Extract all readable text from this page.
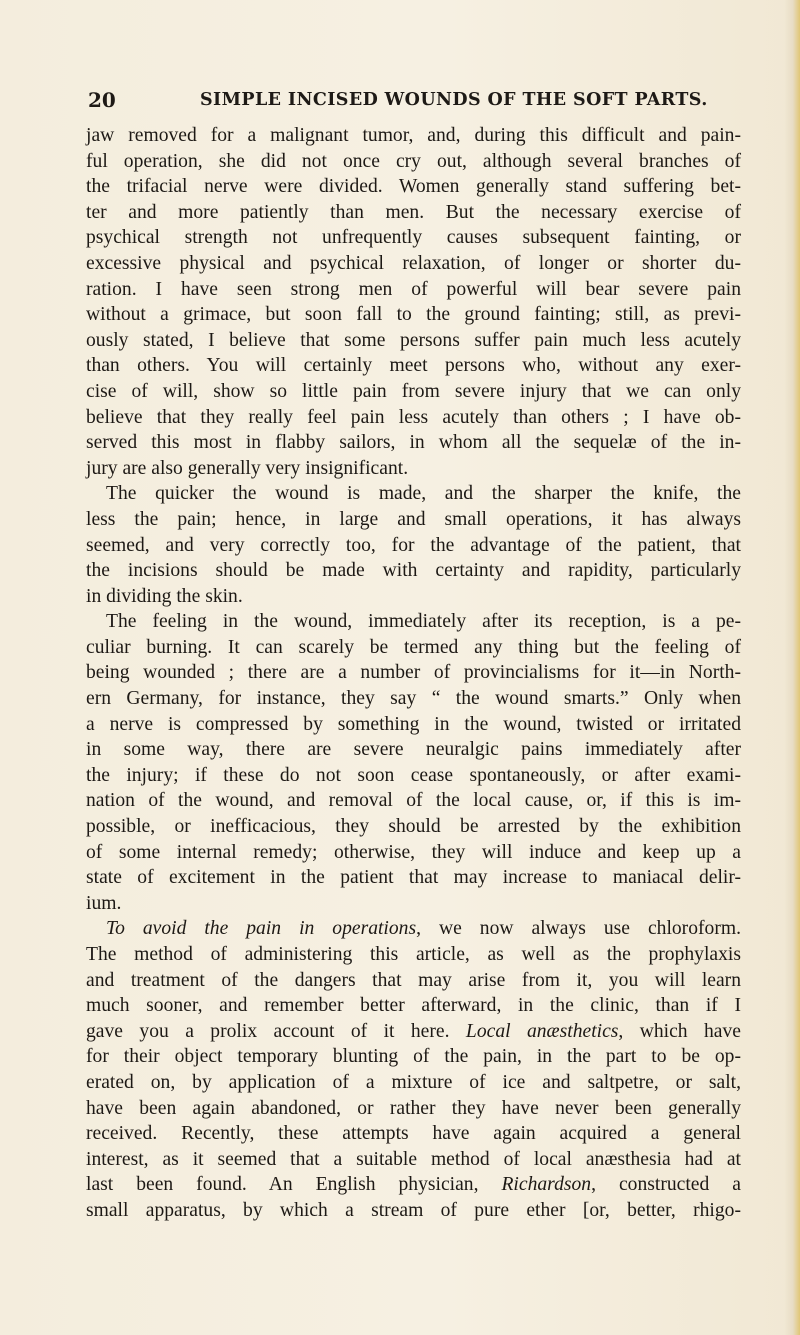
20	SIMPLE INCISED WOUNDS OF THE SOFT PARTS.
jaw removed for a malignant tumor, and, during this difficult and pain-
ful operation, she did not once cry out, although several branches of
the trifacial nerve were divided. Women generally stand suffering bet-
ter and more patiently than men. But the necessary exercise of
psychical strength not unfrequently causes subsequent fainting, or
excessive physical and psychical relaxation, of longer or shorter du-
ration. I have seen strong men of powerful will bear severe pain
without a grimace, but soon fall to the ground fainting; still, as previ-
ously stated, I believe that some persons suffer pain much less acutely
than others. You will certainly meet persons who, without any exer-
cise of will, show so little pain from severe injury that we can only
believe that they really feel pain less acutely than others ; I have ob-
served this most in flabby sailors, in whom all the sequelæ of the in-
jury are also generally very insignificant.
The quicker the wound is made, and the sharper the knife, the
less the pain; hence, in large and small operations, it has always
seemed, and very correctly too, for the advantage of the patient, that
the incisions should be made with certainty and rapidity, particularly
in dividing the skin.
The feeling in the wound, immediately after its reception, is a pe-
culiar burning. It can scarely be termed any thing but the feeling of
being wounded ; there are a number of provincialisms for it—in North-
ern Germany, for instance, they say “ the wound smarts.” Only when
a nerve is compressed by something in the wound, twisted or irritated
in some way, there are severe neuralgic pains immediately after
the injury; if these do not soon cease spontaneously, or after exami-
nation of the wound, and removal of the local cause, or, if this is im-
possible, or inefficacious, they should be arrested by the exhibition
of some internal remedy; otherwise, they will induce and keep up a
state of excitement in the patient that may increase to maniacal delir-
ium.
To avoid the pain in operations, we now always use chloroform.
The method of administering this article, as well as the prophylaxis
and treatment of the dangers that may arise from it, you will learn
much sooner, and remember better afterward, in the clinic, than if I
gave you a prolix account of it here. Local anæsthetics, which have
for their object temporary blunting of the pain, in the part to be op-
erated on, by application of a mixture of ice and saltpetre, or salt,
have been again abandoned, or rather they have never been generally
received. Recently, these attempts have again acquired a general
interest, as it seemed that a suitable method of local anæsthesia had at
last been found. An English physician, Richardson, constructed a
small apparatus, by which a stream of pure ether [or, better, rhigo-
